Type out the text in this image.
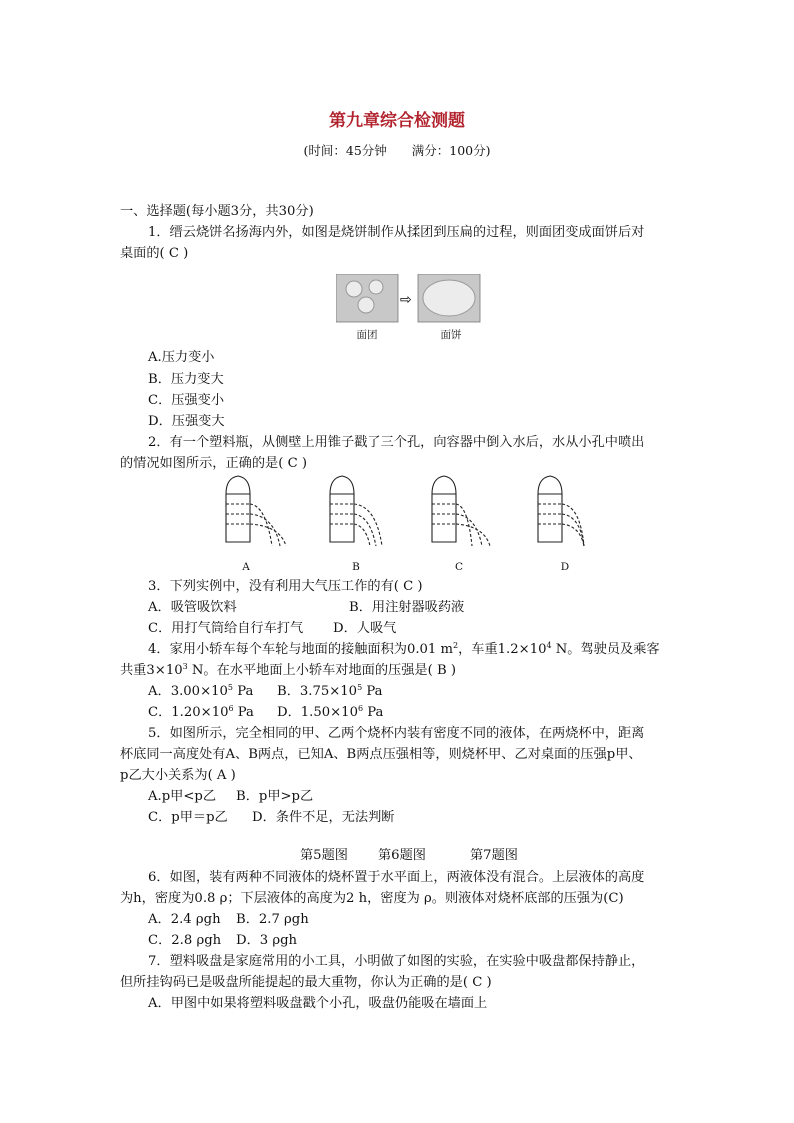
第九章综合检测题
(时间：45分钟　　满分：100分)
一、选择题(每小题3分，共30分)
1．缙云烧饼名扬海内外，如图是烧饼制作从揉团到压扁的过程，则面团变成面饼后对
桌面的( C )
⇨
面团	面饼
A.压力变小
B．压力变大
C．压强变小
D．压强变大
2．有一个塑料瓶，从侧壁上用锥子戳了三个孔，向容器中倒入水后，水从小孔中喷出
的情况如图所示，正确的是( C )
A	B	C	D
3．下列实例中，没有利用大气压工作的有( C )
A．吸管吸饮料	B．用注射器吸药液
C．用打气筒给自行车打气 D．人吸气
4．家用小轿车每个车轮与地面的接触面积为0.01 $m^2$，车重$1.2\times 10^4$ N。驾驶员及乘客
共重$3\times 10^3$ N。在水平地面上小轿车对地面的压强是( B )
A．$3.00\times 10^5$ Pa B．$3.75\times 10^5$ Pa
C．$1.20\times 10^6$ Pa D．$1.50\times 10^6$ Pa
5．如图所示，完全相同的甲、乙两个烧杯内装有密度不同的液体，在两烧杯中，距离
杯底同一高度处有A、B两点，已知A、B两点压强相等，则烧杯甲、乙对桌面的压强p甲、
p乙大小关系为( A )
A.p甲<p乙 B．p甲>p乙
C．p甲＝p乙 D．条件不足，无法判断
第5题图 第6题图	第7题图
6．如图，装有两种不同液体的烧杯置于水平面上，两液体没有混合。上层液体的高度
为h，密度为0.8 ρ；下层液体的高度为2 h，密度为 ρ。则液体对烧杯底部的压强为(C)
A．2.4 ρgh B．2.7 ρgh
C．2.8 ρgh D．3 ρgh
7．塑料吸盘是家庭常用的小工具，小明做了如图的实验，在实验中吸盘都保持静止，
但所挂钩码已是吸盘所能提起的最大重物，你认为正确的是( C )
A．甲图中如果将塑料吸盘戳个小孔，吸盘仍能吸在墙面上
